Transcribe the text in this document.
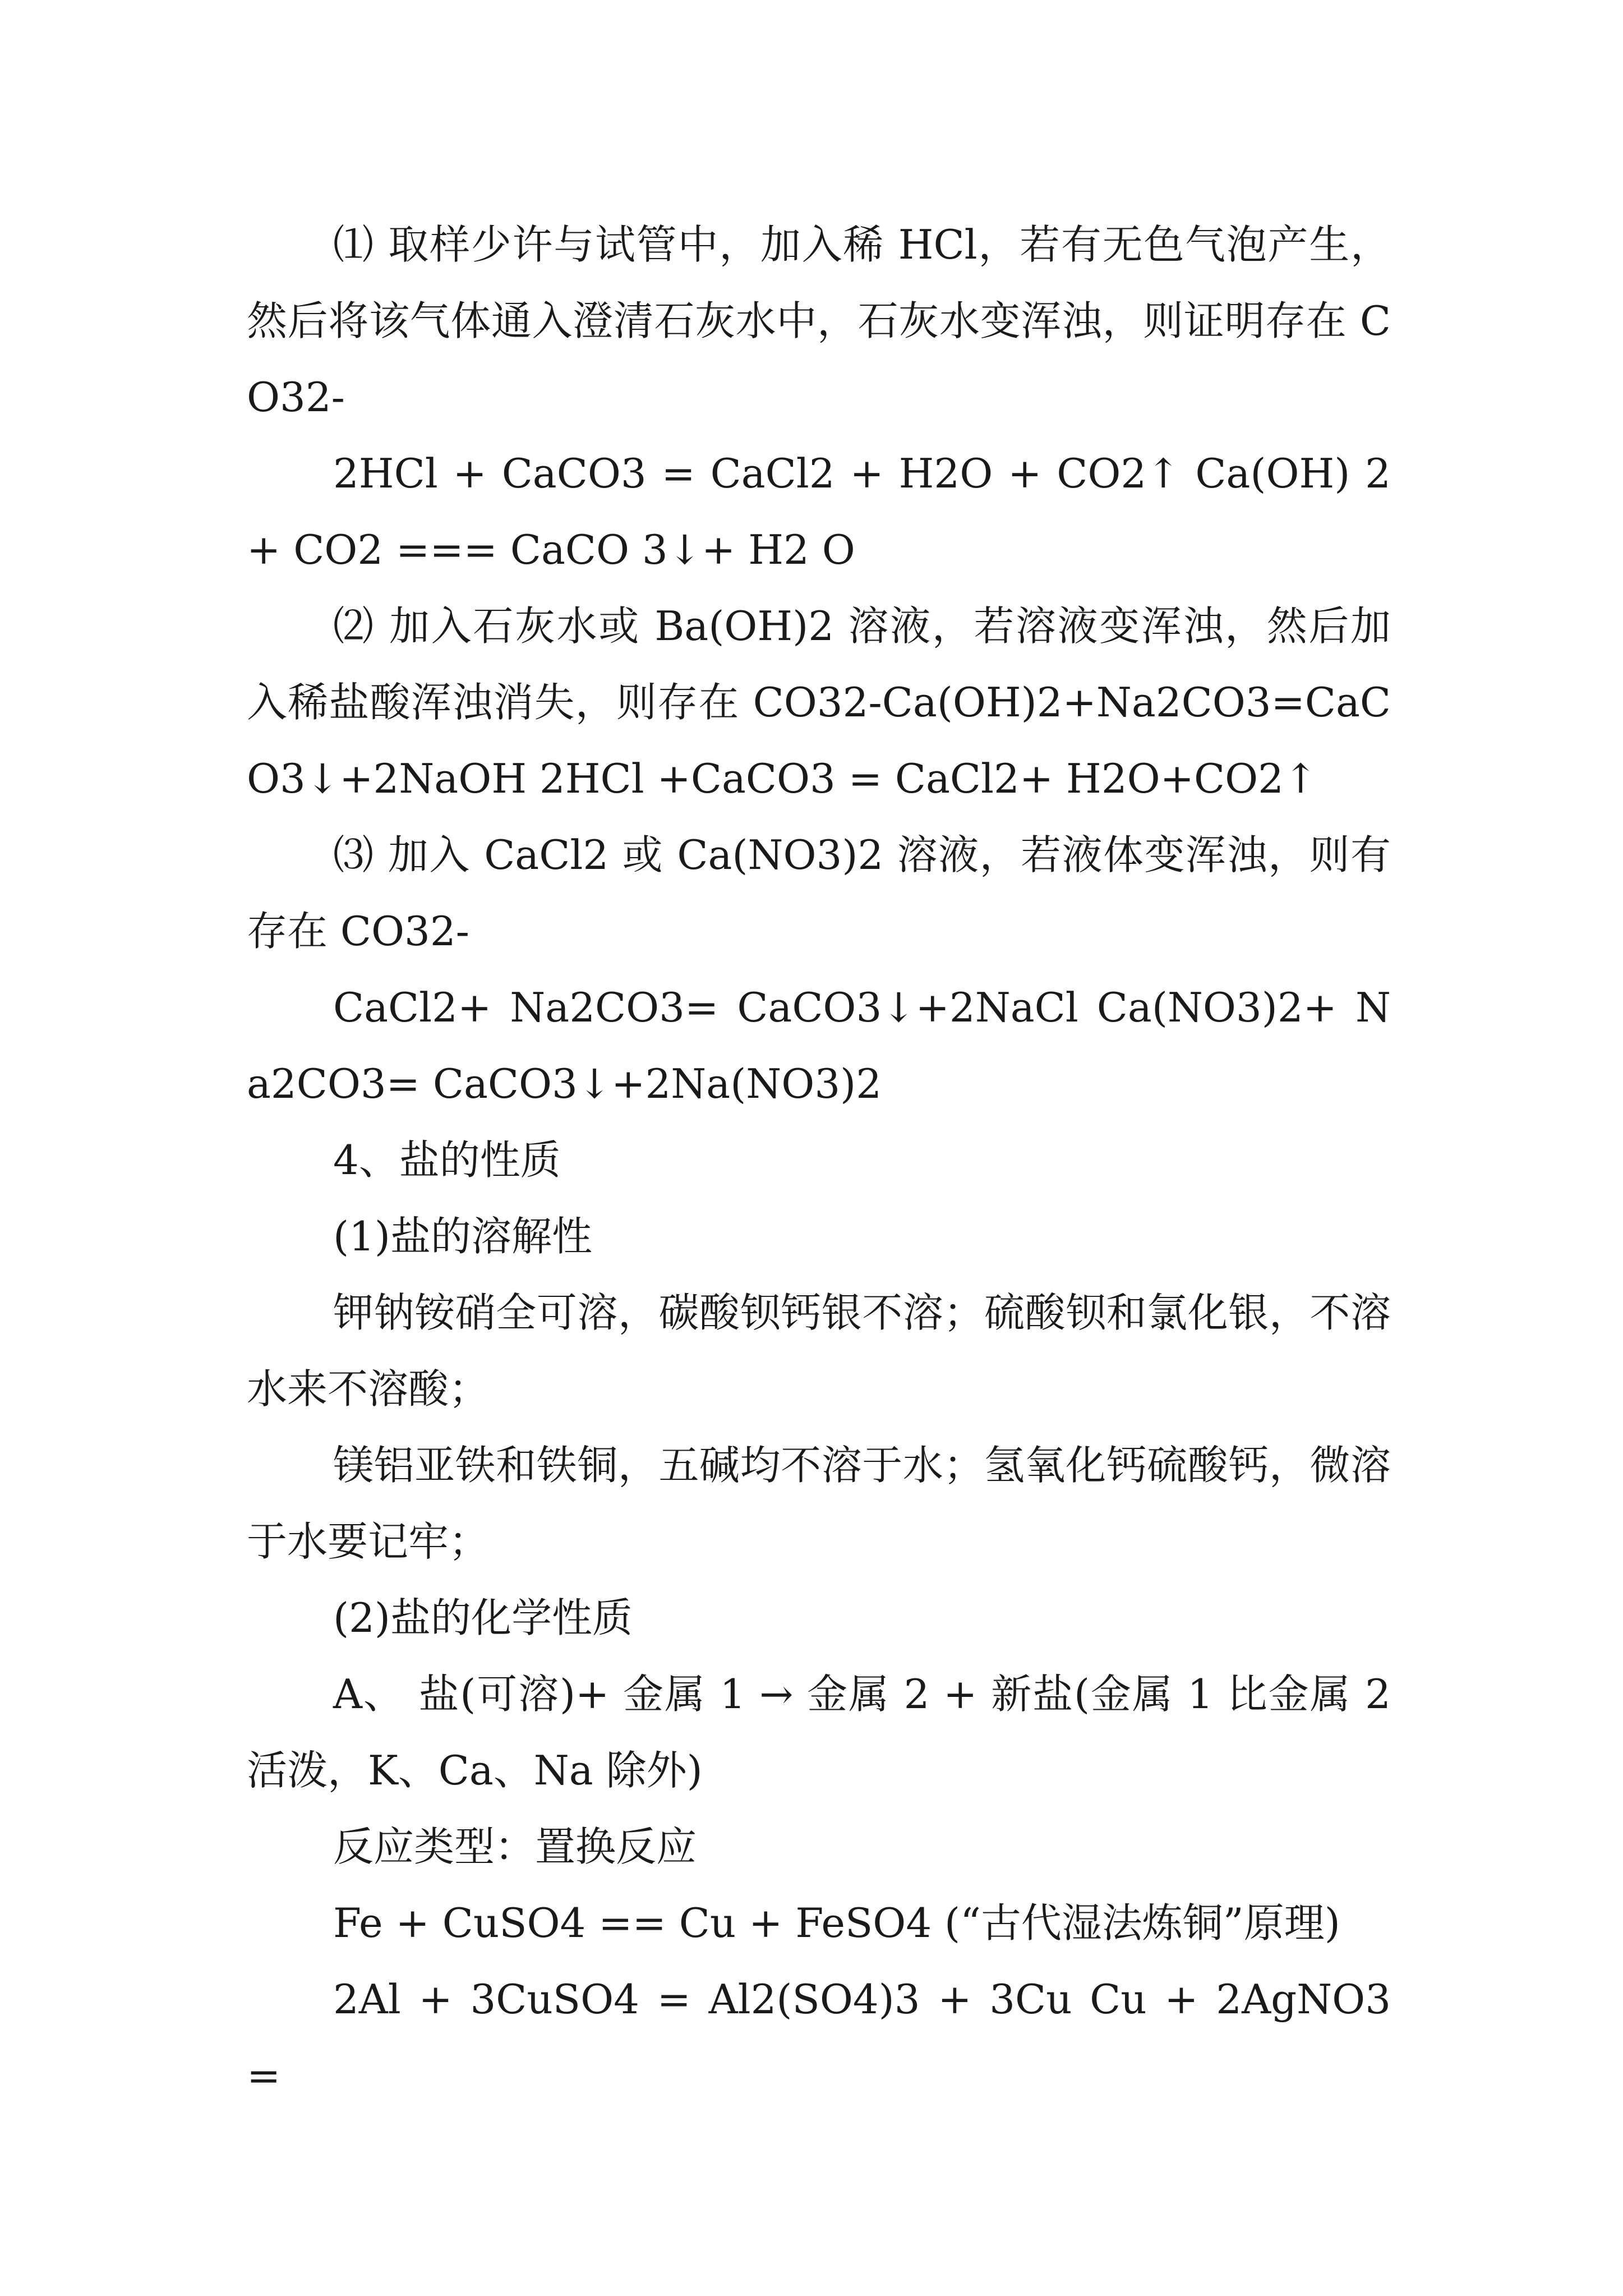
⑴ 取样少许与试管中，加入稀 HCl，若有无色气泡产生，然后将该气体通入澄清石灰水中，石灰水变浑浊，则证明存在 CO32-

2HCl + CaCO3 = CaCl2 + H2O + CO2↑ Ca(OH) 2 + CO2 === CaCO 3↓+ H2 O

⑵ 加入石灰水或 Ba(OH)2 溶液，若溶液变浑浊，然后加入稀盐酸浑浊消失，则存在 CO32-Ca(OH)2+Na2CO3=CaCO3↓+2NaOH 2HCl +CaCO3 = CaCl2+ H2O+CO2↑

⑶ 加入 CaCl2 或 Ca(NO3)2 溶液，若液体变浑浊，则有存在 CO32-

CaCl2+ Na2CO3= CaCO3↓+2NaCl Ca(NO3)2+ Na2CO3= CaCO3↓+2Na(NO3)2

4、盐的性质

(1)盐的溶解性

钾钠铵硝全可溶，碳酸钡钙银不溶；硫酸钡和氯化银，不溶水来不溶酸；

镁铝亚铁和铁铜，五碱均不溶于水；氢氧化钙硫酸钙，微溶于水要记牢；

(2)盐的化学性质

A、 盐(可溶)+ 金属 1 → 金属 2 + 新盐(金属 1 比金属 2 活泼，K、Ca、Na 除外)

反应类型：置换反应

Fe + CuSO4 == Cu + FeSO4 (“古代湿法炼铜”原理)

2Al + 3CuSO4 = Al2(SO4)3 + 3Cu Cu + 2AgNO3 =
